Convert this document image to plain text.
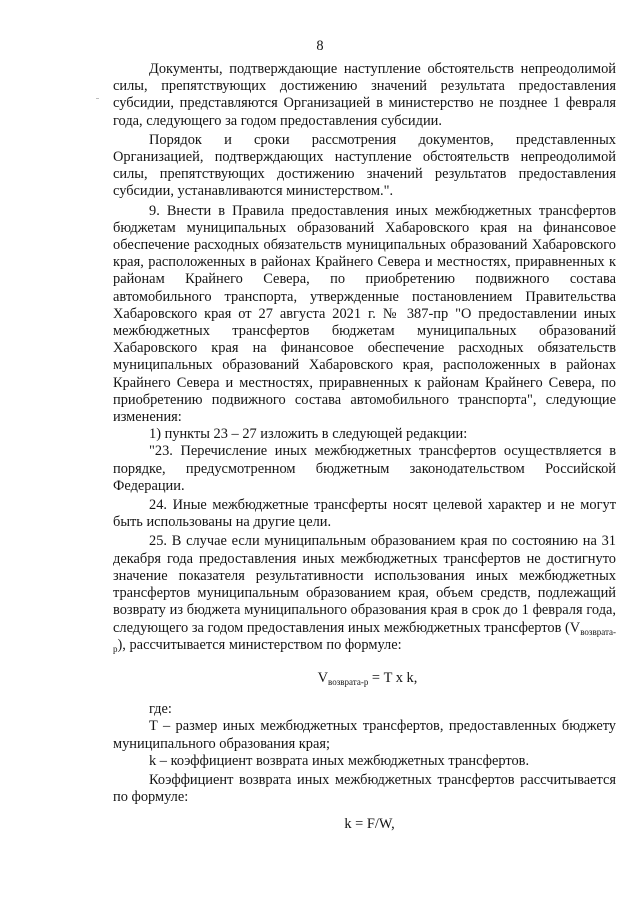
8

Документы, подтверждающие наступление обстоятельств непреодолимой силы, препятствующих достижению значений результата предоставления субсидии, представляются Организацией в министерство не позднее 1 февраля года, следующего за годом предоставления субсидии.

Порядок и сроки рассмотрения документов, представленных Организацией, подтверждающих наступление обстоятельств непреодолимой силы, препятствующих достижению значений результатов предоставления субсидии, устанавливаются министерством.".

9. Внести в Правила предоставления иных межбюджетных трансфертов бюджетам муниципальных образований Хабаровского края на финансовое обеспечение расходных обязательств муниципальных образований Хабаровского края, расположенных в районах Крайнего Севера и местностях, приравненных к районам Крайнего Севера, по приобретению подвижного состава автомобильного транспорта, утвержденные постановлением Правительства Хабаровского края от 27 августа 2021 г. № 387-пр "О предоставлении иных межбюджетных трансфертов бюджетам муниципальных образований Хабаровского края на финансовое обеспечение расходных обязательств муниципальных образований Хабаровского края, расположенных в районах Крайнего Севера и местностях, приравненных к районам Крайнего Севера, по приобретению подвижного состава автомобильного транспорта", следующие изменения:

1) пункты 23 – 27 изложить в следующей редакции:

"23. Перечисление иных межбюджетных трансфертов осуществляется в порядке, предусмотренном бюджетным законодательством Российской Федерации.

24. Иные межбюджетные трансферты носят целевой характер и не могут быть использованы на другие цели.

25. В случае если муниципальным образованием края по состоянию на 31 декабря года предоставления иных межбюджетных трансфертов не достигнуто значение показателя результативности использования иных межбюджетных трансфертов муниципальным образованием края, объем средств, подлежащий возврату из бюджета муниципального образования края в срок до 1 февраля года, следующего за годом предоставления иных межбюджетных трансфертов $(V_{возврата-р})$, рассчитывается министерством по формуле:

$V_{возврата-р} = T$ x k,

где:

T – размер иных межбюджетных трансфертов, предоставленных бюджету муниципального образования края;

k – коэффициент возврата иных межбюджетных трансфертов.

Коэффициент возврата иных межбюджетных трансфертов рассчитывается по формуле:

k = F/W,
